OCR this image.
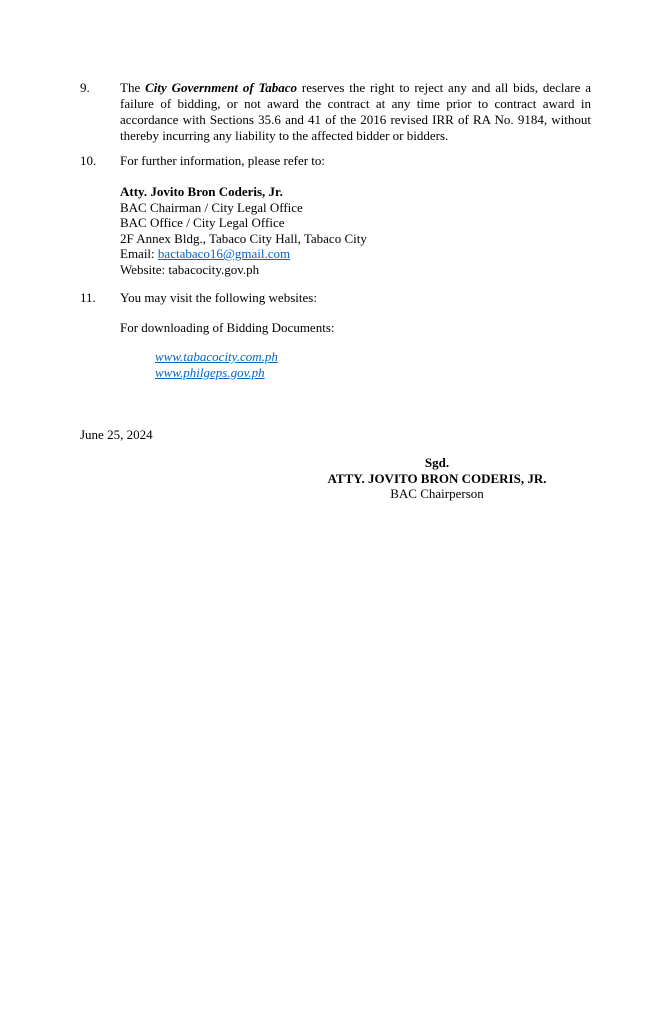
9.	The City Government of Tabaco reserves the right to reject any and all bids, declare a failure of bidding, or not award the contract at any time prior to contract award in accordance with Sections 35.6 and 41 of the 2016 revised IRR of RA No. 9184, without thereby incurring any liability to the affected bidder or bidders.
10.	For further information, please refer to:
Atty. Jovito Bron Coderis, Jr.
BAC Chairman / City Legal Office
BAC Office / City Legal Office
2F Annex Bldg., Tabaco City Hall, Tabaco City
Email: bactabaco16@gmail.com
Website: tabacocity.gov.ph
11.	You may visit the following websites:
For downloading of Bidding Documents:
www.tabacocity.com.ph
www.philgeps.gov.ph
June 25, 2024
Sgd.
ATTY. JOVITO BRON CODERIS, JR.
BAC Chairperson
